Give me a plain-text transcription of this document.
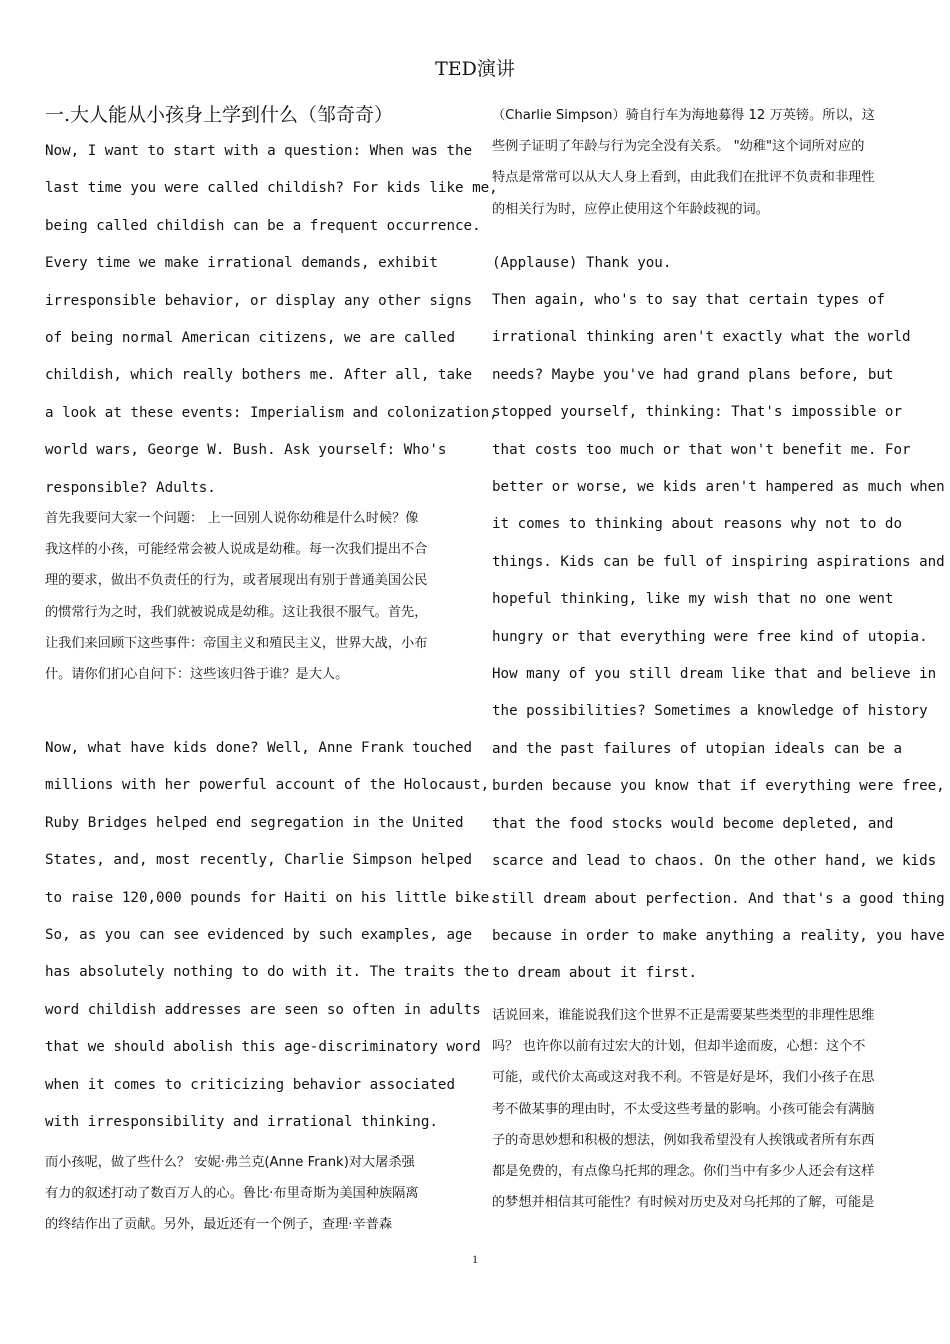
TED演讲
一.大人能从小孩身上学到什么（邹奇奇）
Now, I want to start with a question: When was the
last time you were called childish? For kids like me,
being called childish can be a frequent occurrence.
Every time we make irrational demands, exhibit
irresponsible behavior, or display any other signs
of being normal American citizens, we are called
childish, which really bothers me. After all, take
a look at these events: Imperialism and colonization,
world wars, George W. Bush. Ask yourself: Who's
responsible? Adults.
首先我要问大家一个问题： 上一回别人说你幼稚是什么时候？像
我这样的小孩，可能经常会被人说成是幼稚。每一次我们提出不合
理的要求，做出不负责任的行为，或者展现出有别于普通美国公民
的惯常行为之时，我们就被说成是幼稚。这让我很不服气。首先，
让我们来回顾下这些事件：帝国主义和殖民主义，世界大战，小布
什。请你们扪心自问下：这些该归咎于谁？是大人。
Now, what have kids done? Well, Anne Frank touched
millions with her powerful account of the Holocaust,
Ruby Bridges helped end segregation in the United
States, and, most recently, Charlie Simpson helped
to raise 120,000 pounds for Haiti on his little bike.
So, as you can see evidenced by such examples, age
has absolutely nothing to do with it. The traits the
word childish addresses are seen so often in adults
that we should abolish this age-discriminatory word
when it comes to criticizing behavior associated
with irresponsibility and irrational thinking.
而小孩呢，做了些什么？ 安妮·弗兰克(Anne Frank)对大屠杀强
有力的叙述打动了数百万人的心。鲁比·布里奇斯为美国种族隔离
的终结作出了贡献。另外，最近还有一个例子，查理·辛普森
（Charlie Simpson）骑自行车为海地募得 12 万英镑。所以，这
些例子证明了年龄与行为完全没有关系。 "幼稚"这个词所对应的
特点是常常可以从大人身上看到，由此我们在批评不负责和非理性
的相关行为时，应停止使用这个年龄歧视的词。
(Applause) Thank you.
Then again, who's to say that certain types of
irrational thinking aren't exactly what the world
needs? Maybe you've had grand plans before, but
stopped yourself, thinking: That's impossible or
that costs too much or that won't benefit me. For
better or worse, we kids aren't hampered as much when
it comes to thinking about reasons why not to do
things. Kids can be full of inspiring aspirations and
hopeful thinking, like my wish that no one went
hungry or that everything were free kind of utopia.
How many of you still dream like that and believe in
the possibilities? Sometimes a knowledge of history
and the past failures of utopian ideals can be a
burden because you know that if everything were free,
that the food stocks would become depleted, and
scarce and lead to chaos. On the other hand, we kids
still dream about perfection. And that's a good thing
because in order to make anything a reality, you have
to dream about it first.
话说回来，谁能说我们这个世界不正是需要某些类型的非理性思维
吗？ 也许你以前有过宏大的计划，但却半途而废，心想：这个不
可能，或代价太高或这对我不利。不管是好是坏，我们小孩子在思
考不做某事的理由时，不太受这些考量的影响。小孩可能会有满脑
子的奇思妙想和积极的想法，例如我希望没有人挨饿或者所有东西
都是免费的，有点像乌托邦的理念。你们当中有多少人还会有这样
的梦想并相信其可能性？有时候对历史及对乌托邦的了解，可能是
1
